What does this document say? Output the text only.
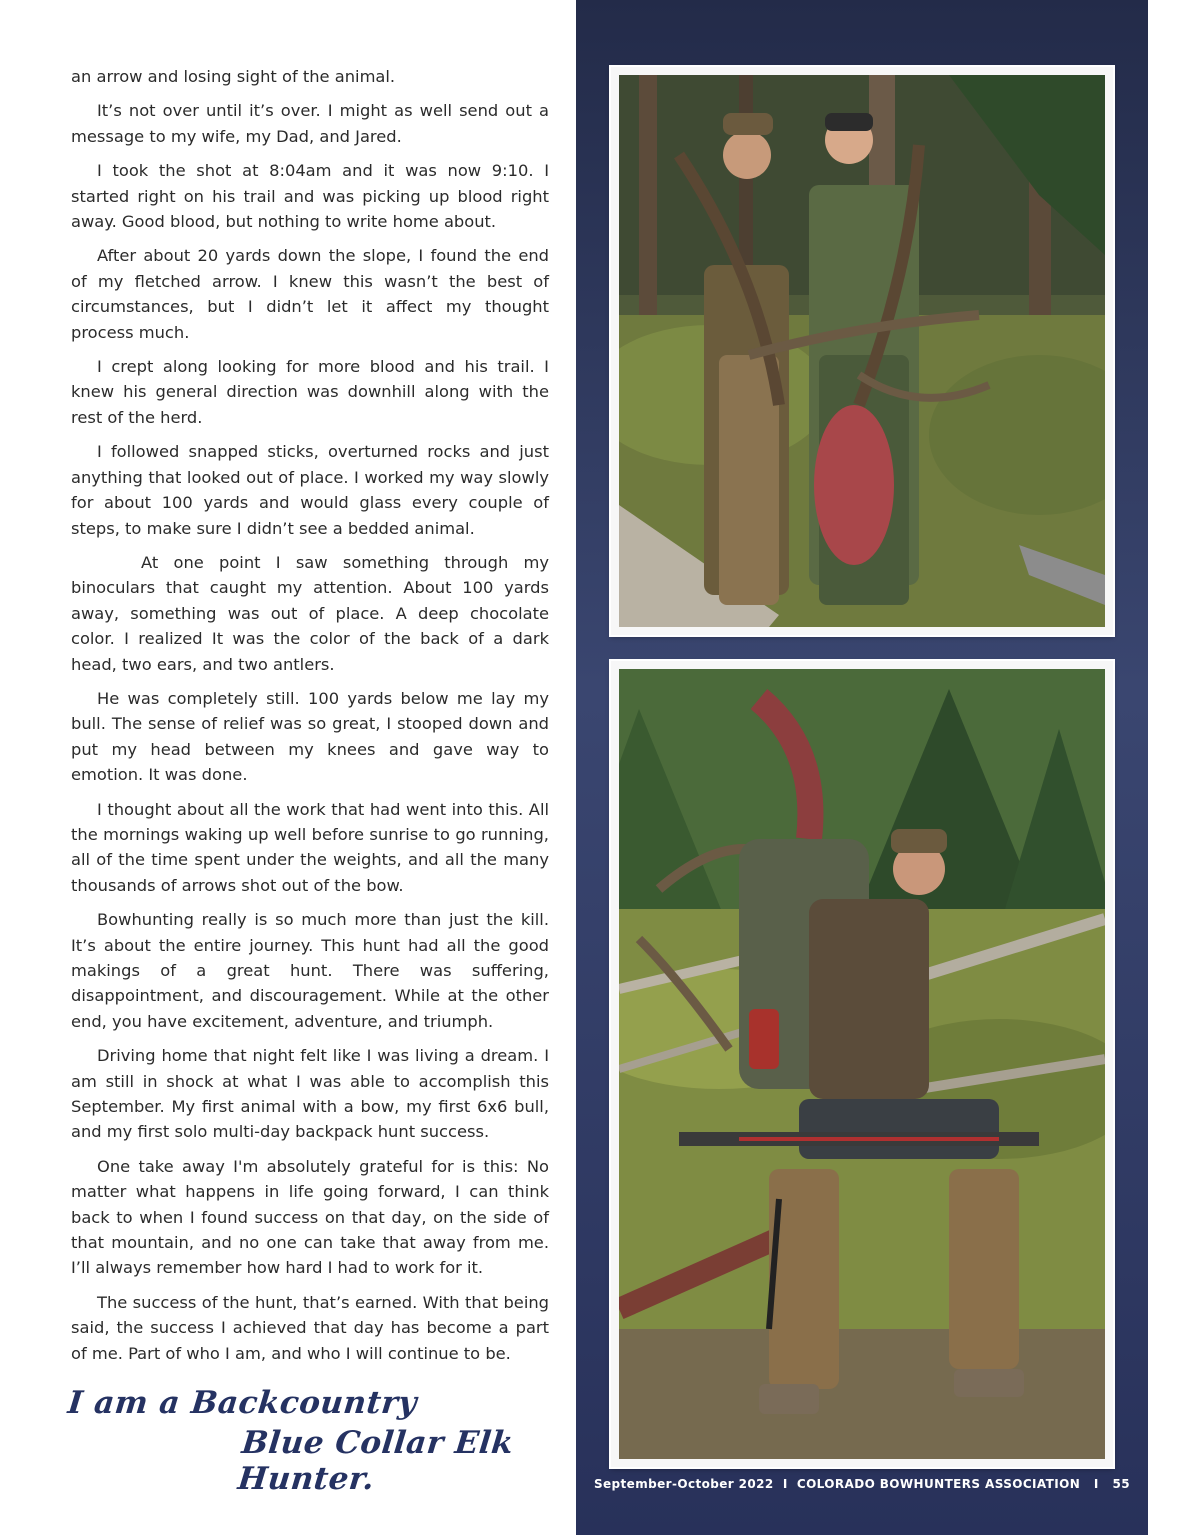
an arrow and losing sight of the animal.

It’s not over until it’s over. I might as well send out a message to my wife, my Dad, and Jared.

I took the shot at 8:04am and it was now 9:10. I started right on his trail and was picking up blood right away. Good blood, but nothing to write home about.

After about 20 yards down the slope, I found the end of my fletched arrow. I knew this wasn’t the best of circumstances, but I didn’t let it affect my thought process much.

I crept along looking for more blood and his trail. I knew his general direction was downhill along with the rest of the herd.

I followed snapped sticks, overturned rocks and just anything that looked out of place. I worked my way slowly for about 100 yards and would glass every couple of steps, to make sure I didn’t see a bedded animal.

At one point I saw something through my binoculars that caught my attention. About 100 yards away, something was out of place. A deep chocolate color. I realized It was the color of the back of a dark head, two ears, and two antlers.

He was completely still. 100 yards below me lay my bull. The sense of relief was so great, I stooped down and put my head between my knees and gave way to emotion. It was done.

I thought about all the work that had went into this. All the mornings waking up well before sunrise to go running, all of the time spent under the weights, and all the many thousands of arrows shot out of the bow.

Bowhunting really is so much more than just the kill. It’s about the entire journey. This hunt had all the good makings of a great hunt. There was suffering, disappointment, and discouragement. While at the other end, you have excitement, adventure, and triumph.

Driving home that night felt like I was living a dream. I am still in shock at what I was able to accomplish this September. My first animal with a bow, my first 6x6 bull, and my first solo multi-day backpack hunt success.

One take away I'm absolutely grateful for is this: No matter what happens in life going forward, I can think back to when I found success on that day, on the side of that mountain, and no one can take that away from me. I’ll always remember how hard I had to work for it.

The success of the hunt, that’s earned. With that being said, the success I achieved that day has become a part of me. Part of who I am, and who I will continue to be.

I am a Backcountry
Blue Collar Elk Hunter.	September-October 2022 I COLORADO BOWHUNTERS ASSOCIATION I 55
